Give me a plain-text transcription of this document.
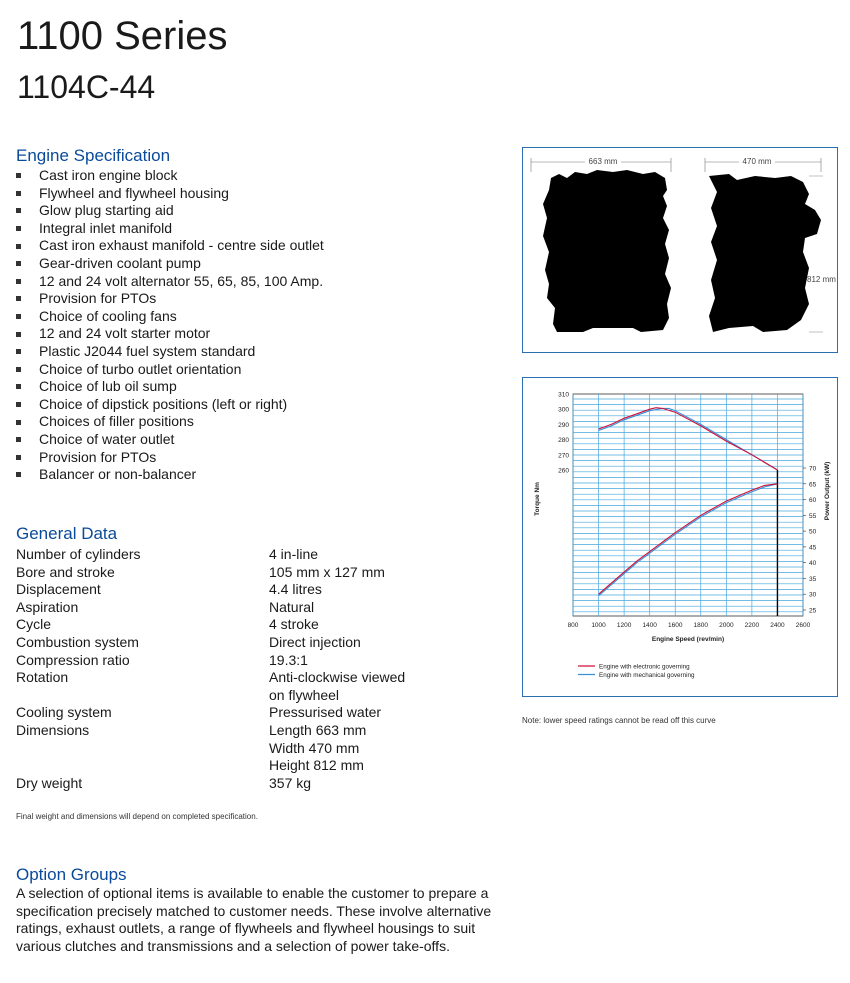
1100 Series
1104C-44
Engine Specification
Cast iron engine block
Flywheel and flywheel housing
Glow plug starting aid
Integral inlet manifold
Cast iron exhaust manifold - centre side outlet
Gear-driven coolant pump
12 and 24 volt alternator 55, 65, 85, 100 Amp.
Provision for PTOs
Choice of cooling fans
12 and 24 volt starter motor
Plastic J2044 fuel system standard
Choice of turbo outlet orientation
Choice of lub oil sump
Choice of dipstick positions (left or right)
Choices of filler positions
Choice of water outlet
Provision for PTOs
Balancer or non-balancer
General Data
Number of cylinders	4 in-line
Bore and stroke	105 mm x 127 mm
Displacement	4.4 litres
Aspiration	Natural
Cycle	4 stroke
Combustion system	Direct injection
Compression ratio	19.3:1
Rotation	Anti-clockwise viewed
on flywheel
Cooling system	Pressurised water
Dimensions	Length 663 mm
Width 470 mm
Height 812 mm
Dry weight	357 kg
Final weight and dimensions will depend on completed specification.
Option Groups

A selection of optional items is available to enable the customer to prepare a specification precisely matched to customer needs. These involve alternative ratings, exhaust outlets, a range of flywheels and flywheel housings to suit various clutches and transmissions and a selection of power take-offs.

663 mm	470 mm
812 mm
800 1000 1200 1400 1600 1800 2000 2200 2400 2600
260
270
280
290
300
310
25
30
35
40
45
50
55
60
65
70
Engine Speed (rev/min)
Torque Nm	Power Output (kW)
Engine with electronic governing
Engine with mechanical governing
Note: lower speed ratings cannot be read off this curve
